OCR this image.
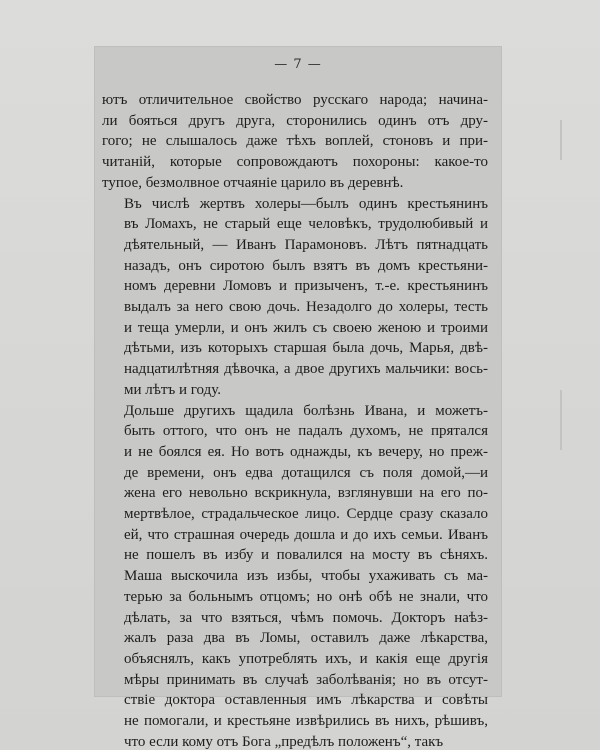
— 7 —

ютъ отличительное свойство русскаго народа; начина-
ли бояться другъ друга, сторонились одинъ отъ дру-
гого; не слышалось даже тѣхъ воплей, стоновъ и при-
читаній, которые сопровождаютъ похороны: какое-то
тупое, безмолвное отчаяніе царило въ деревнѣ.

Въ числѣ жертвъ холеры—былъ одинъ крестьянинъ
въ Ломахъ, не старый еще человѣкъ, трудолюбивый и
дѣятельный, — Иванъ Парамоновъ. Лѣтъ пятнадцать
назадъ, онъ сиротою былъ взятъ въ домъ крестьяни-
номъ деревни Ломовъ и призыченъ, т.-е. крестьянинъ
выдалъ за него свою дочь. Незадолго до холеры, тесть
и теща умерли, и онъ жилъ съ своею женою и троими
дѣтьми, изъ которыхъ старшая была дочь, Марья, двѣ-
надцатилѣтняя дѣвочка, а двое другихъ мальчики: вось-
ми лѣтъ и году.

Дольше другихъ щадила болѣзнь Ивана, и можетъ-
быть оттого, что онъ не падалъ духомъ, не прятался
и не боялся ея. Но вотъ однажды, къ вечеру, но преж-
де времени, онъ едва дотащился съ поля домой,—и
жена его невольно вскрикнула, взглянувши на его по-
мертвѣлое, страдальческое лицо. Сердце сразу сказало
ей, что страшная очередь дошла и до ихъ семьи. Иванъ
не пошелъ въ избу и повалился на мосту въ сѣняхъ.
Маша выскочила изъ избы, чтобы ухаживать съ ма-
терью за больнымъ отцомъ; но онѣ обѣ не знали, что
дѣлать, за что взяться, чѣмъ помочь. Докторъ наѣз-
жалъ раза два въ Ломы, оставилъ даже лѣкарства,
объяснялъ, какъ употреблять ихъ, и какія еще другія
мѣры принимать въ случаѣ заболѣванія; но въ отсут-
ствіе доктора оставленныя имъ лѣкарства и совѣты
не помогали, и крестьяне извѣрились въ нихъ, рѣшивъ,
что если кому отъ Бога „предѣлъ положенъ“, такъ
